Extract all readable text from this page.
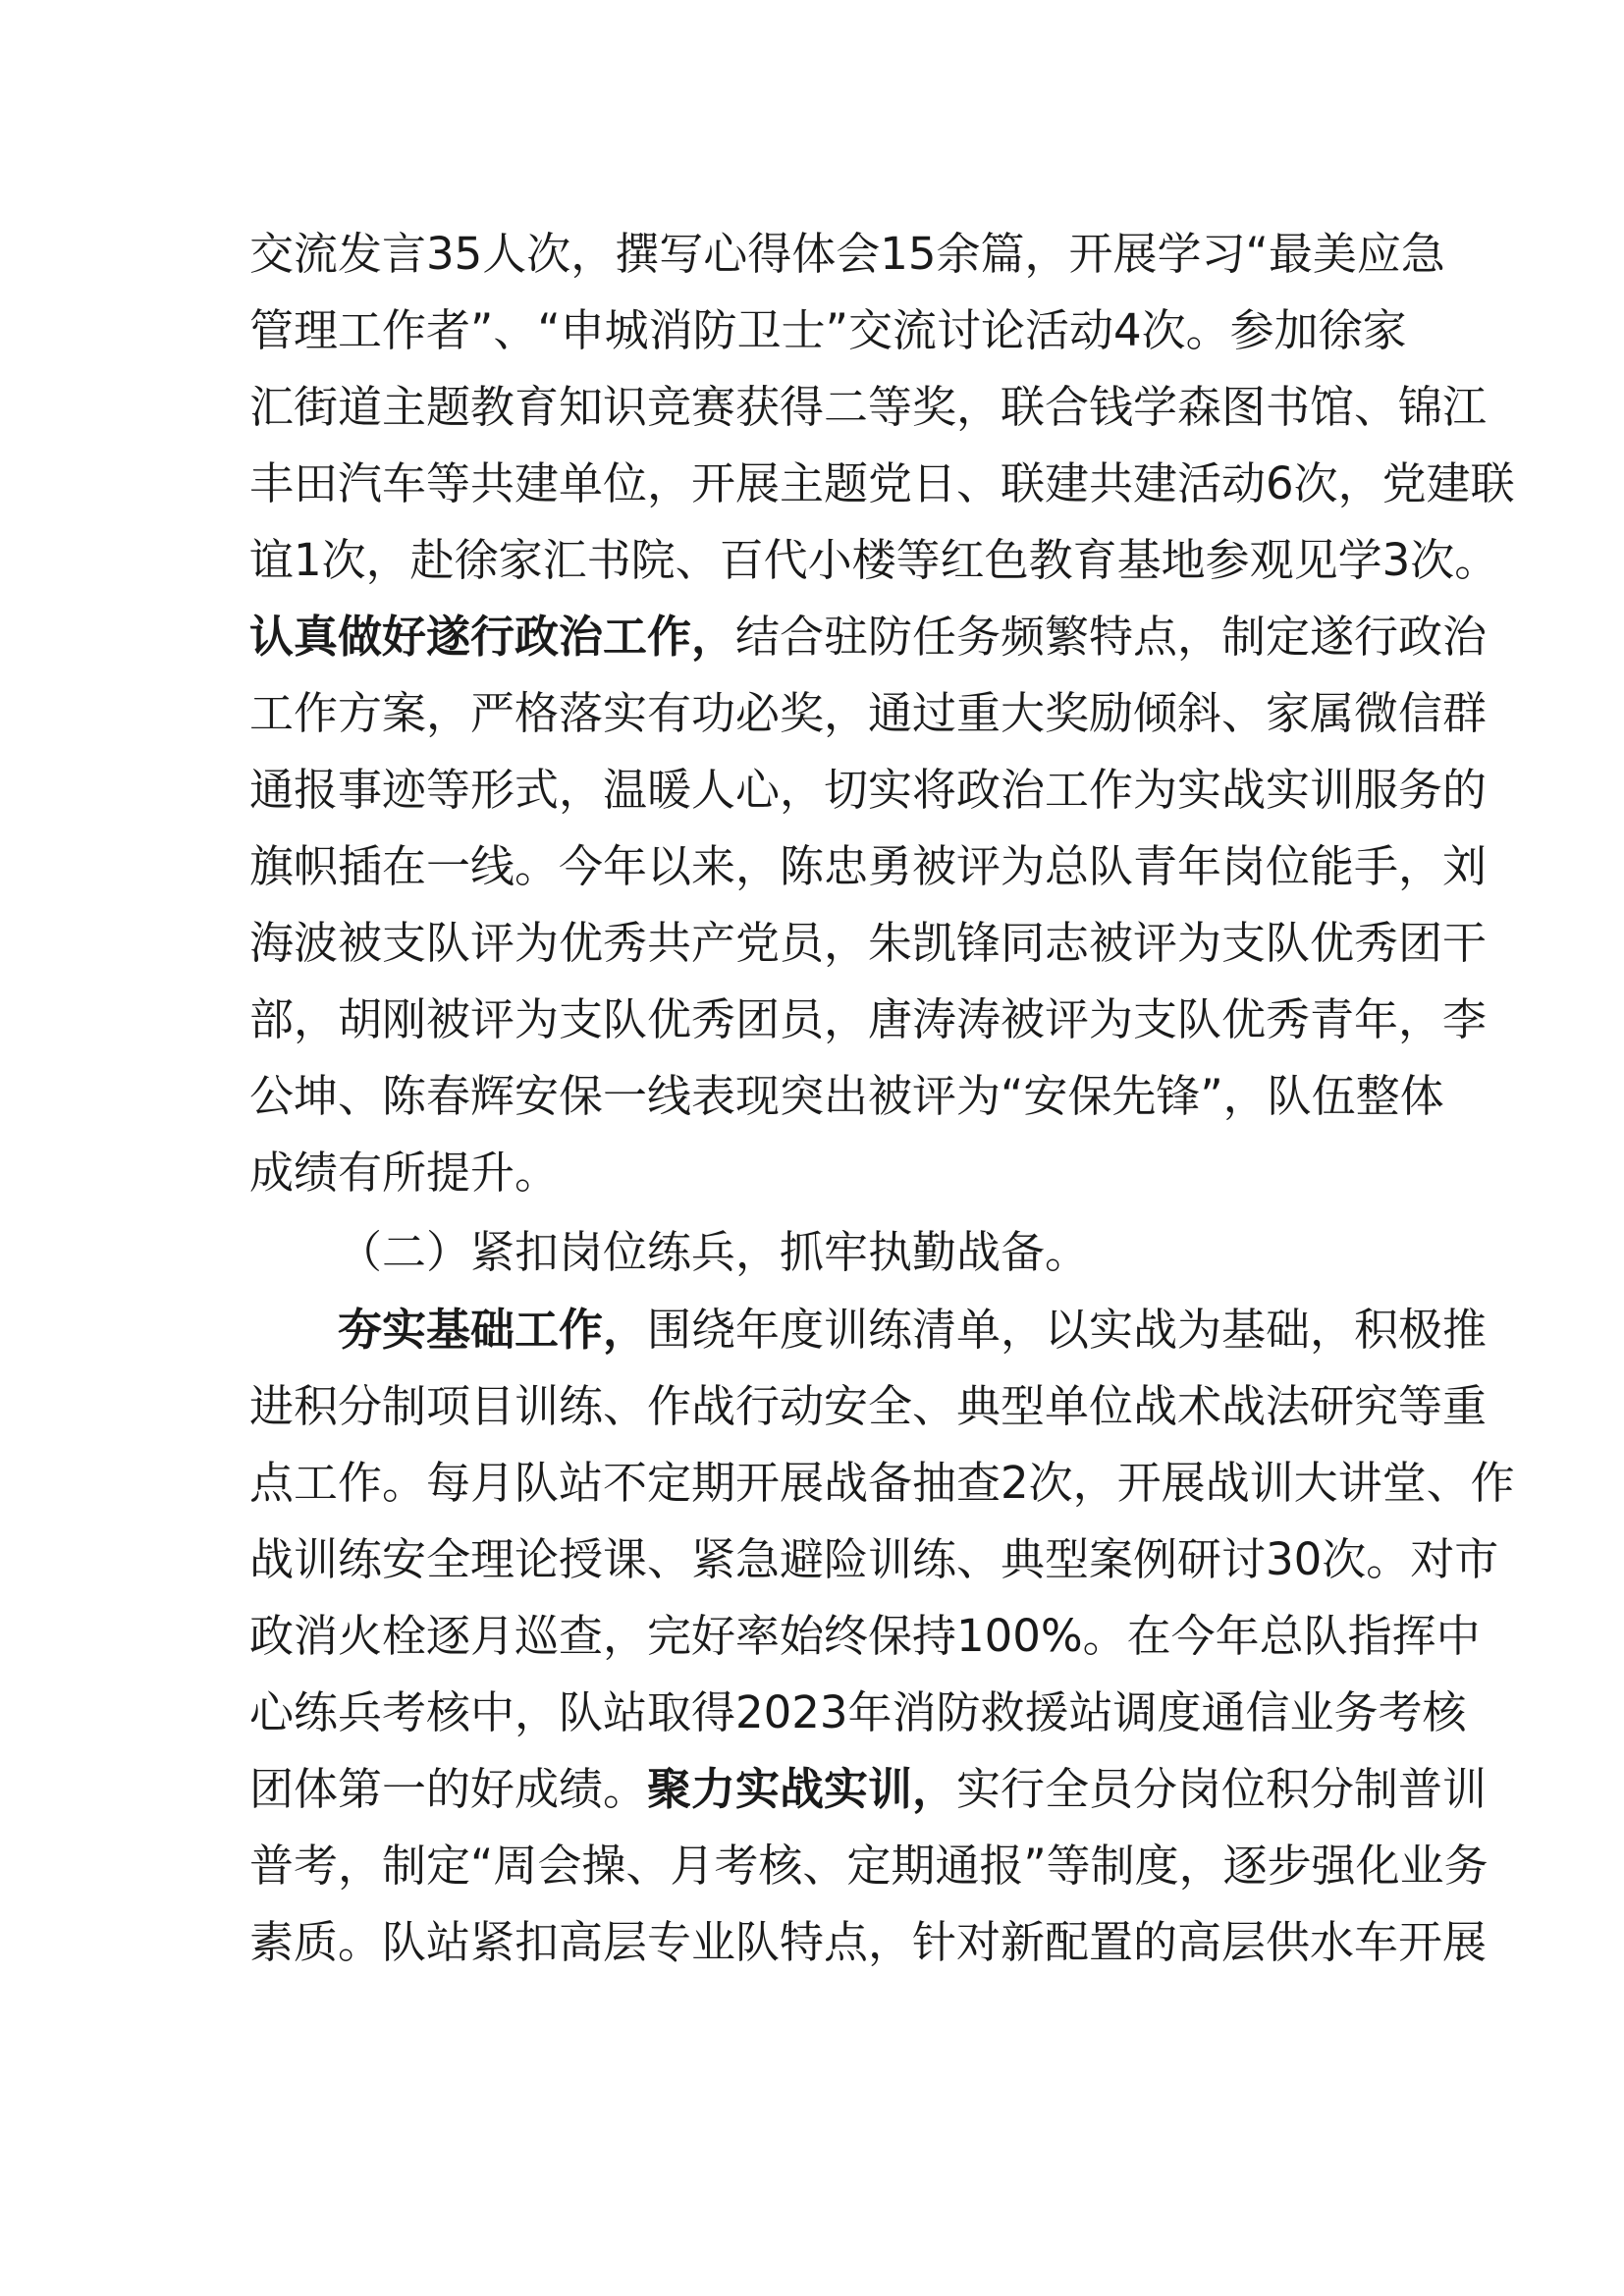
交流发言35人次，撰写心得体会15余篇，开展学习“最美应急
管理工作者”、“申城消防卫士”交流讨论活动4次。参加徐家
汇街道主题教育知识竞赛获得二等奖，联合钱学森图书馆、锦江
丰田汽车等共建单位，开展主题党日、联建共建活动6次，党建联
谊1次，赴徐家汇书院、百代小楼等红色教育基地参观见学3次。
认真做好遂行政治工作，结合驻防任务频繁特点，制定遂行政治
工作方案，严格落实有功必奖，通过重大奖励倾斜、家属微信群
通报事迹等形式，温暖人心，切实将政治工作为实战实训服务的
旗帜插在一线。今年以来，陈忠勇被评为总队青年岗位能手，刘
海波被支队评为优秀共产党员，朱凯锋同志被评为支队优秀团干
部，胡刚被评为支队优秀团员，唐涛涛被评为支队优秀青年，李
公坤、陈春辉安保一线表现突出被评为“安保先锋”，队伍整体
成绩有所提升。
（二）紧扣岗位练兵，抓牢执勤战备。
夯实基础工作，围绕年度训练清单，以实战为基础，积极推
进积分制项目训练、作战行动安全、典型单位战术战法研究等重
点工作。每月队站不定期开展战备抽查2次，开展战训大讲堂、作
战训练安全理论授课、紧急避险训练、典型案例研讨30次。对市
政消火栓逐月巡查，完好率始终保持100%。在今年总队指挥中
心练兵考核中，队站取得2023年消防救援站调度通信业务考核
团体第一的好成绩。聚力实战实训，实行全员分岗位积分制普训
普考，制定“周会操、月考核、定期通报”等制度，逐步强化业务
素质。队站紧扣高层专业队特点，针对新配置的高层供水车开展
